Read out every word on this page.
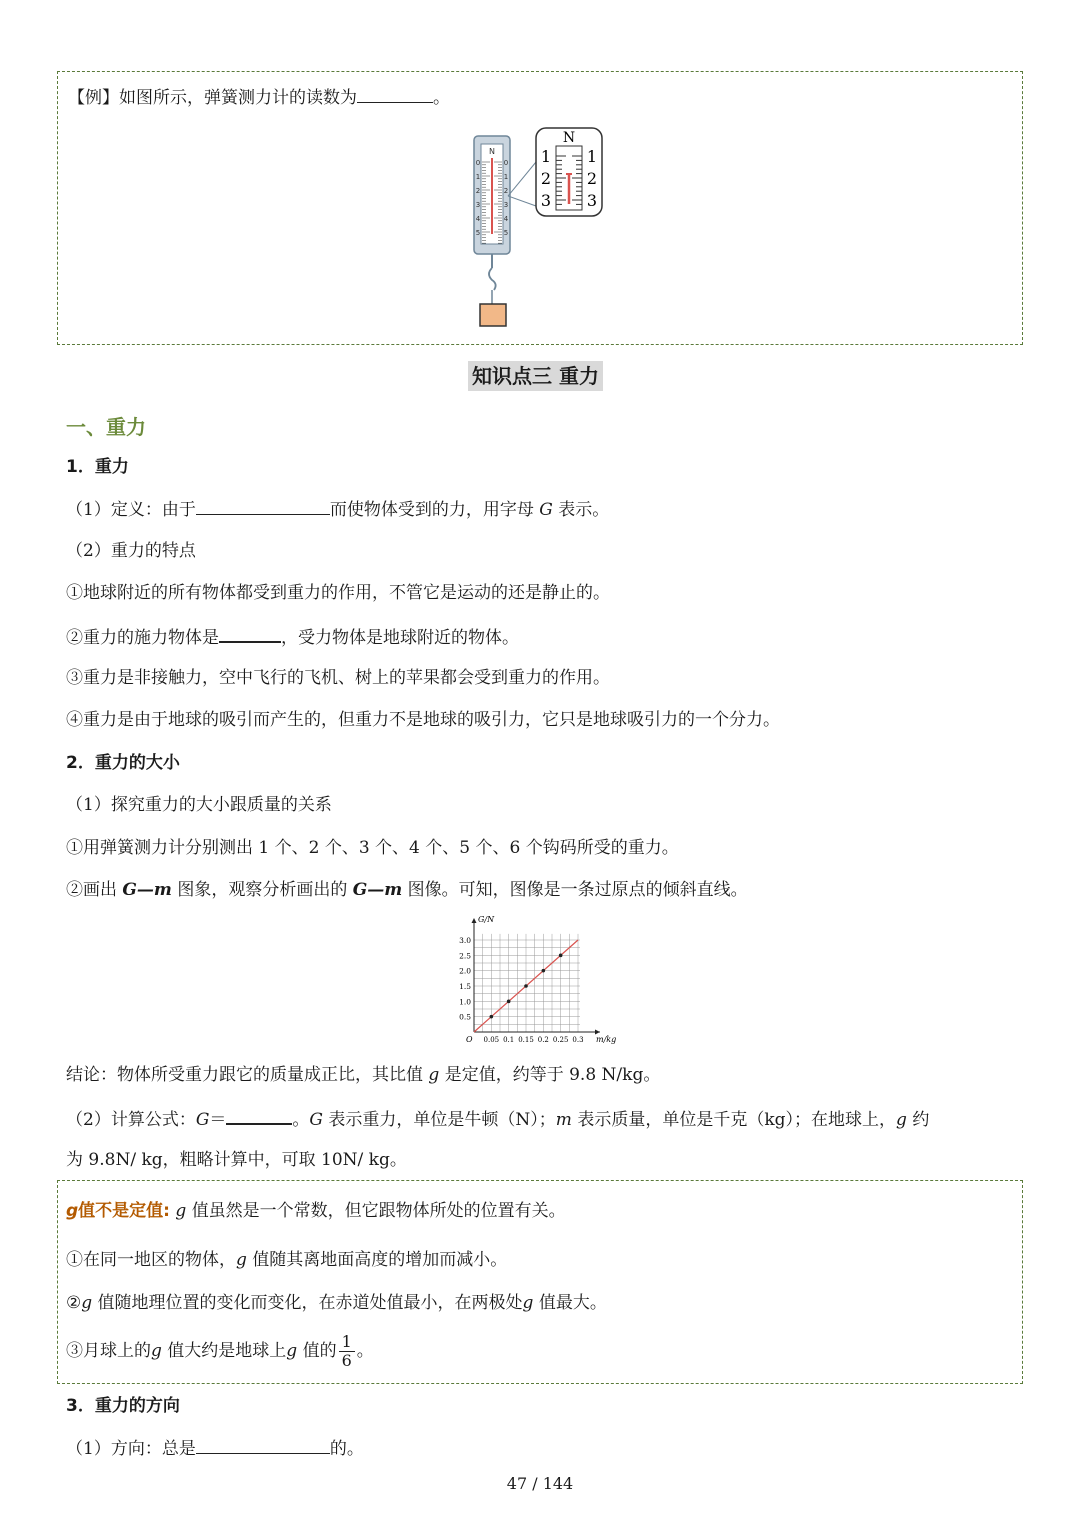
【例】如图所示，弹簧测力计的读数为	。
N
0	0
1	1
2	2
3	3
4	4
5	5
N
1 1
2 2
3 3
知识点三 重力
一、重力
1．重力
（1）定义：由于	而使物体受到的力，用字母 G 表示。
（2）重力的特点
①地球附近的所有物体都受到重力的作用，不管它是运动的还是静止的。
②重力的施力物体是	，受力物体是地球附近的物体。
③重力是非接触力，空中飞行的飞机、树上的苹果都会受到重力的作用。
④重力是由于地球的吸引而产生的，但重力不是地球的吸引力，它只是地球吸引力的一个分力。
2．重力的大小
（1）探究重力的大小跟质量的关系
①用弹簧测力计分别测出 1 个、2 个、3 个、4 个、5 个、6 个钩码所受的重力。
②画出 G—m 图象，观察分析画出的 G—m 图像。可知，图像是一条过原点的倾斜直线。
G/N
m/kg
O
0.5
1.0
1.5
2.0
2.5
3.0
0.05 0.1 0.15 0.2 0.25 0.3
结论：物体所受重力跟它的质量成正比，其比值 g 是定值，约等于 9.8 N/kg。
（2）计算公式：G＝	。G 表示重力，单位是牛顿（N）；m 表示质量，单位是千克（kg）；在地球上，g 约
为 9.8N/ kg，粗略计算中，可取 10N/ kg。
g值不是定值: g 值虽然是一个常数，但它跟物体所处的位置有关。
①在同一地区的物体，g 值随其离地面高度的增加而减小。
②g 值随地理位置的变化而变化，在赤道处值最小，在两极处g 值最大。
③月球上的g 值大约是地球上g 值的 $\frac{1}{6}$ 。
3．重力的方向
（1）方向：总是	的。
47 / 144
